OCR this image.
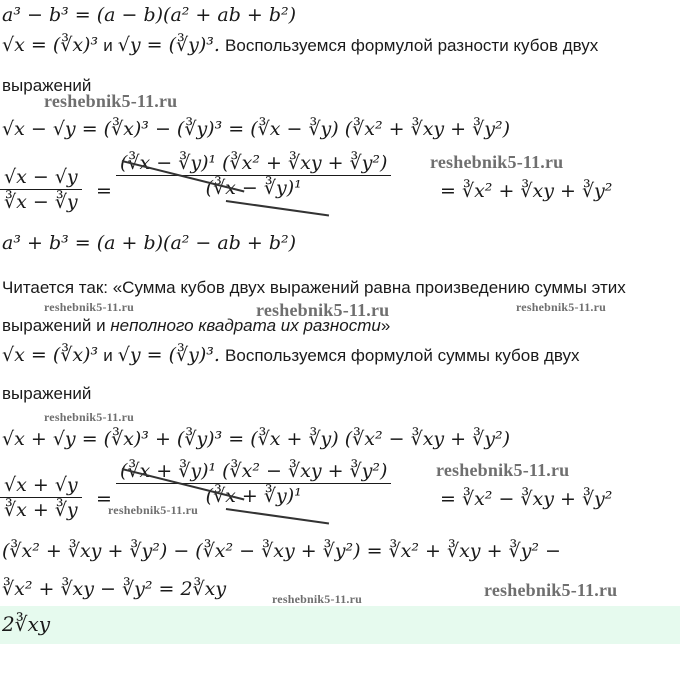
a³ − b³ = (a − b)(a² + ab + b²)
√x = (∛x)³ и √y = (∛y)³. Воспользуемся формулой разности кубов двух
выражений
reshebnik5-11.ru
√x − √y = (∛x)³ − (∛y)³ = (∛x − ∛y) (∛x² + ∛xy + ∛y²)
$\frac{√x - √y}{∛x - ∛y} = \frac{\text{(∛x − ∛y)¹ (∛x² + ∛xy + ∛y²)}}{\text{(∛x − ∛y)¹}}$	= ∛x² + ∛xy + ∛y²
reshebnik5-11.ru
a³ + b³ = (a + b)(a² − ab + b²)
Читается так: «Сумма кубов двух выражений равна произведению суммы этих
reshebnik5-11.ru	reshebnik5-11.ru	reshebnik5-11.ru
выражений и неполного квадрата их разности»
√x = (∛x)³ и √y = (∛y)³. Воспользуемся формулой суммы кубов двух
выражений
reshebnik5-11.ru
√x + √y = (∛x)³ + (∛y)³ = (∛x + ∛y) (∛x² − ∛xy + ∛y²)
$\frac{√x + √y}{∛x + ∛y} = \frac{\text{(∛x + ∛y)¹ (∛x² − ∛xy + ∛y²)}}{\text{(∛x + ∛y)¹}}$	= ∛x² − ∛xy + ∛y²
reshebnik5-11.ru
reshebnik5-11.ru
(∛x² + ∛xy + ∛y²) − (∛x² − ∛xy + ∛y²) = ∛x² + ∛xy + ∛y² −
∛x² + ∛xy − ∛y² = 2∛xy	reshebnik5-11.ru	reshebnik5-11.ru
2∛xy
